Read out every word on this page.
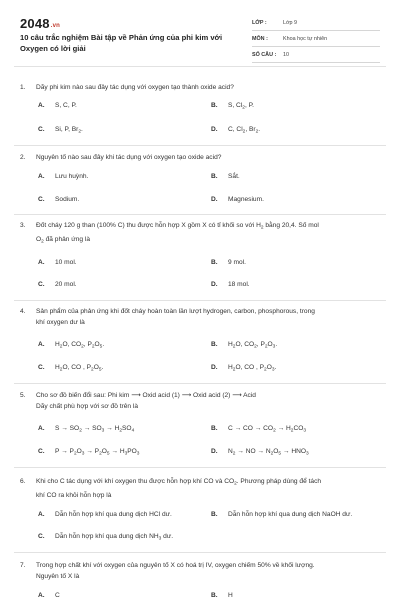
2048.vn
10 câu trắc nghiệm Bài tập về Phản ứng của phi kim với
Oxygen có lời giải
LỚP :	Lớp 9
MÔN :	Khoa học tự nhiên
SỐ CÂU :	10
1. Dãy phi kim nào sau đây tác dụng với oxygen tạo thành oxide acid?
A. S, C, P.	B. S, $Cl_2$, P.
C. Si, P, $Br_2$.	D. C, $Cl_2$, $Br_2$.
2. Nguyên tố nào sau đây khi tác dụng với oxygen tạo oxide acid?
A. Lưu huỳnh.	B. Sắt.
C. Sodium.	D. Magnesium.
3. Đốt cháy 120 g than (100% C) thu được hỗn hợp X gồm X có tỉ khối so với $H_2$ bằng 20,4. Số mol
$O_2$ đã phản ứng là
A. 10 mol.	B. 9 mol.
C. 20 mol.	D. 18 mol.
4. Sản phẩm của phản ứng khi đốt cháy hoàn toàn lần lượt hydrogen, carbon, phosphorous, trong
khí oxygen dư là
A. $H_2O$, $CO_2$, $P_2O_5$.	B. $H_2O$, $CO_2$, $P_2O_3$.
C. $H_2O$, CO , $P_2O_5$.	D. $H_2O$, CO , $P_2O_3$.
5. Cho sơ đồ biến đổi sau: Phi kim ⟶ Oxid acid (1) ⟶ Oxid acid (2) ⟶ Acid
Dãy chất phù hợp với sơ đồ trên là
A. $S \to SO_2 \to SO_3 \to H_2SO_4$	B. C → CO → $CO_2 \to H_2CO_3$
C. $P \to P_2O_3 \to P_2O_5 \to H_3PO_3$	D. $N_2$ → NO → $N_2O_5 \to HNO_3$
6. Khi cho C tác dụng với khí oxygen thu được hỗn hợp khí CO và $CO_2$. Phương pháp dùng để tách
khí CO ra khỏi hỗn hợp là
A. Dẫn hỗn hợp khí qua dung dịch HCl dư.	B. Dẫn hỗn hợp khí qua dung dịch NaOH dư.
C. Dẫn hỗn hợp khí qua dung dịch $NH_3$ dư.
7. Trong hợp chất khí với oxygen của nguyên tố X có hoá trị IV, oxygen chiếm 50% về khối lượng.
Nguyên tố X là
A. C	B. H
